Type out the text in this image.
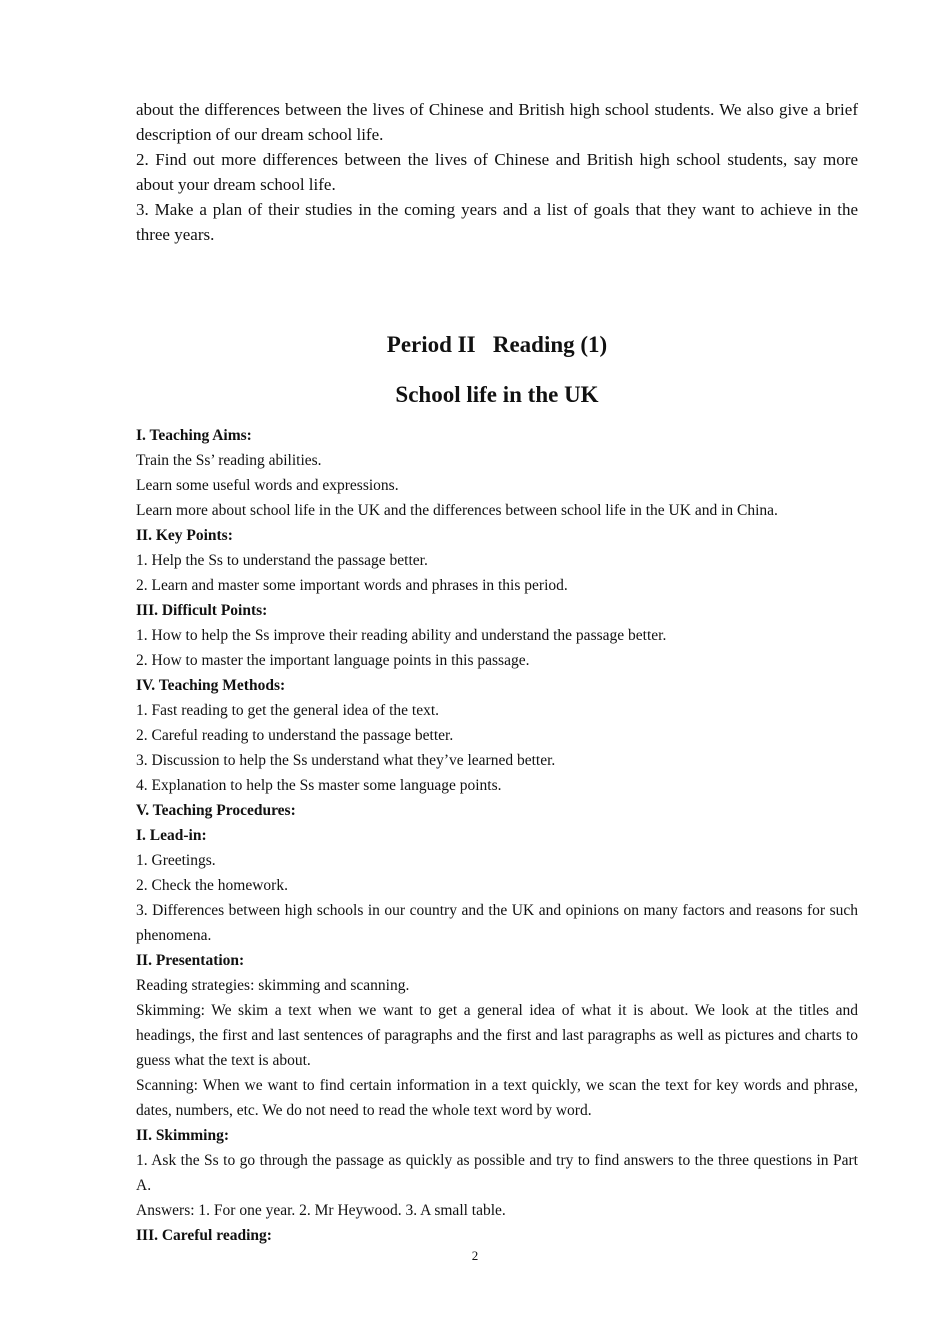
about the differences between the lives of Chinese and British high school students. We also give a brief description of our dream school life.

2. Find out more differences between the lives of Chinese and British high school students, say more about your dream school life.

3. Make a plan of their studies in the coming years and a list of goals that they want to achieve in the three years.

Period II   Reading (1)
School life in the UK

I. Teaching Aims:

Train the Ss’ reading abilities.

Learn some useful words and expressions.

Learn more about school life in the UK and the differences between school life in the UK and in China.

II. Key Points:

1. Help the Ss to understand the passage better.

2. Learn and master some important words and phrases in this period.

III. Difficult Points:

1. How to help the Ss improve their reading ability and understand the passage better.

2. How to master the important language points in this passage.

IV. Teaching Methods:

1. Fast reading to get the general idea of the text.

2. Careful reading to understand the passage better.

3. Discussion to help the Ss understand what they’ve learned better.

4. Explanation to help the Ss master some language points.

V. Teaching Procedures:

I. Lead-in:

1. Greetings.

2. Check the homework.

3. Differences between high schools in our country and the UK and opinions on many factors and reasons for such phenomena.

II. Presentation:

Reading strategies: skimming and scanning.

Skimming: We skim a text when we want to get a general idea of what it is about. We look at the titles and headings, the first and last sentences of paragraphs and the first and last paragraphs as well as pictures and charts to guess what the text is about.

Scanning: When we want to find certain information in a text quickly, we scan the text for key words and phrase, dates, numbers, etc. We do not need to read the whole text word by word.

II. Skimming:

1. Ask the Ss to go through the passage as quickly as possible and try to find answers to the three questions in Part A.

Answers: 1. For one year. 2. Mr Heywood. 3. A small table.

III. Careful reading:

2
